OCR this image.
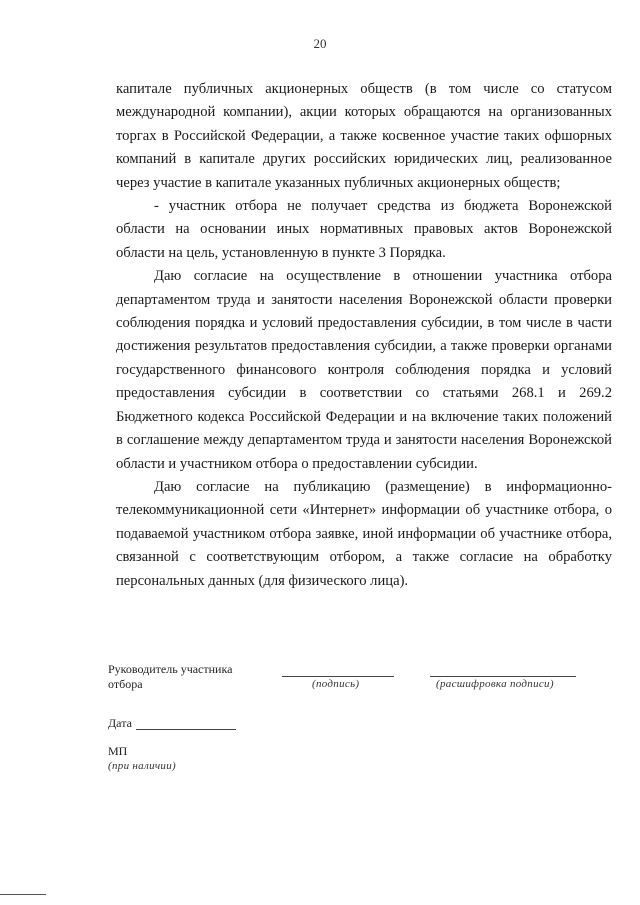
20

капитале публичных акционерных обществ (в том числе со статусом международной компании), акции которых обращаются на организованных торгах в Российской Федерации, а также косвенное участие таких офшорных компаний в капитале других российских юридических лиц, реализованное через участие в капитале указанных публичных акционерных обществ;

- участник отбора не получает средства из бюджета Воронежской области на основании иных нормативных правовых актов Воронежской области на цель, установленную в пункте 3 Порядка.

Даю согласие на осуществление в отношении участника отбора департаментом труда и занятости населения Воронежской области проверки соблюдения порядка и условий предоставления субсидии, в том числе в части достижения результатов предоставления субсидии, а также проверки органами государственного финансового контроля соблюдения порядка и условий предоставления субсидии в соответствии со статьями 268.1 и 269.2 Бюджетного кодекса Российской Федерации и на включение таких положений в соглашение между департаментом труда и занятости населения Воронежской области и участником отбора о предоставлении субсидии.

Даю согласие на публикацию (размещение) в информационно-телекоммуникационной сети «Интернет» информации об участнике отбора, о подаваемой участником отбора заявке, иной информации об участнике отбора, связанной с соответствующим отбором, а также согласие на обработку персональных данных (для физического лица).

Руководитель участника
отбора	(подпись)	(расшифровка подписи)
Дата
МП
(при наличии)
